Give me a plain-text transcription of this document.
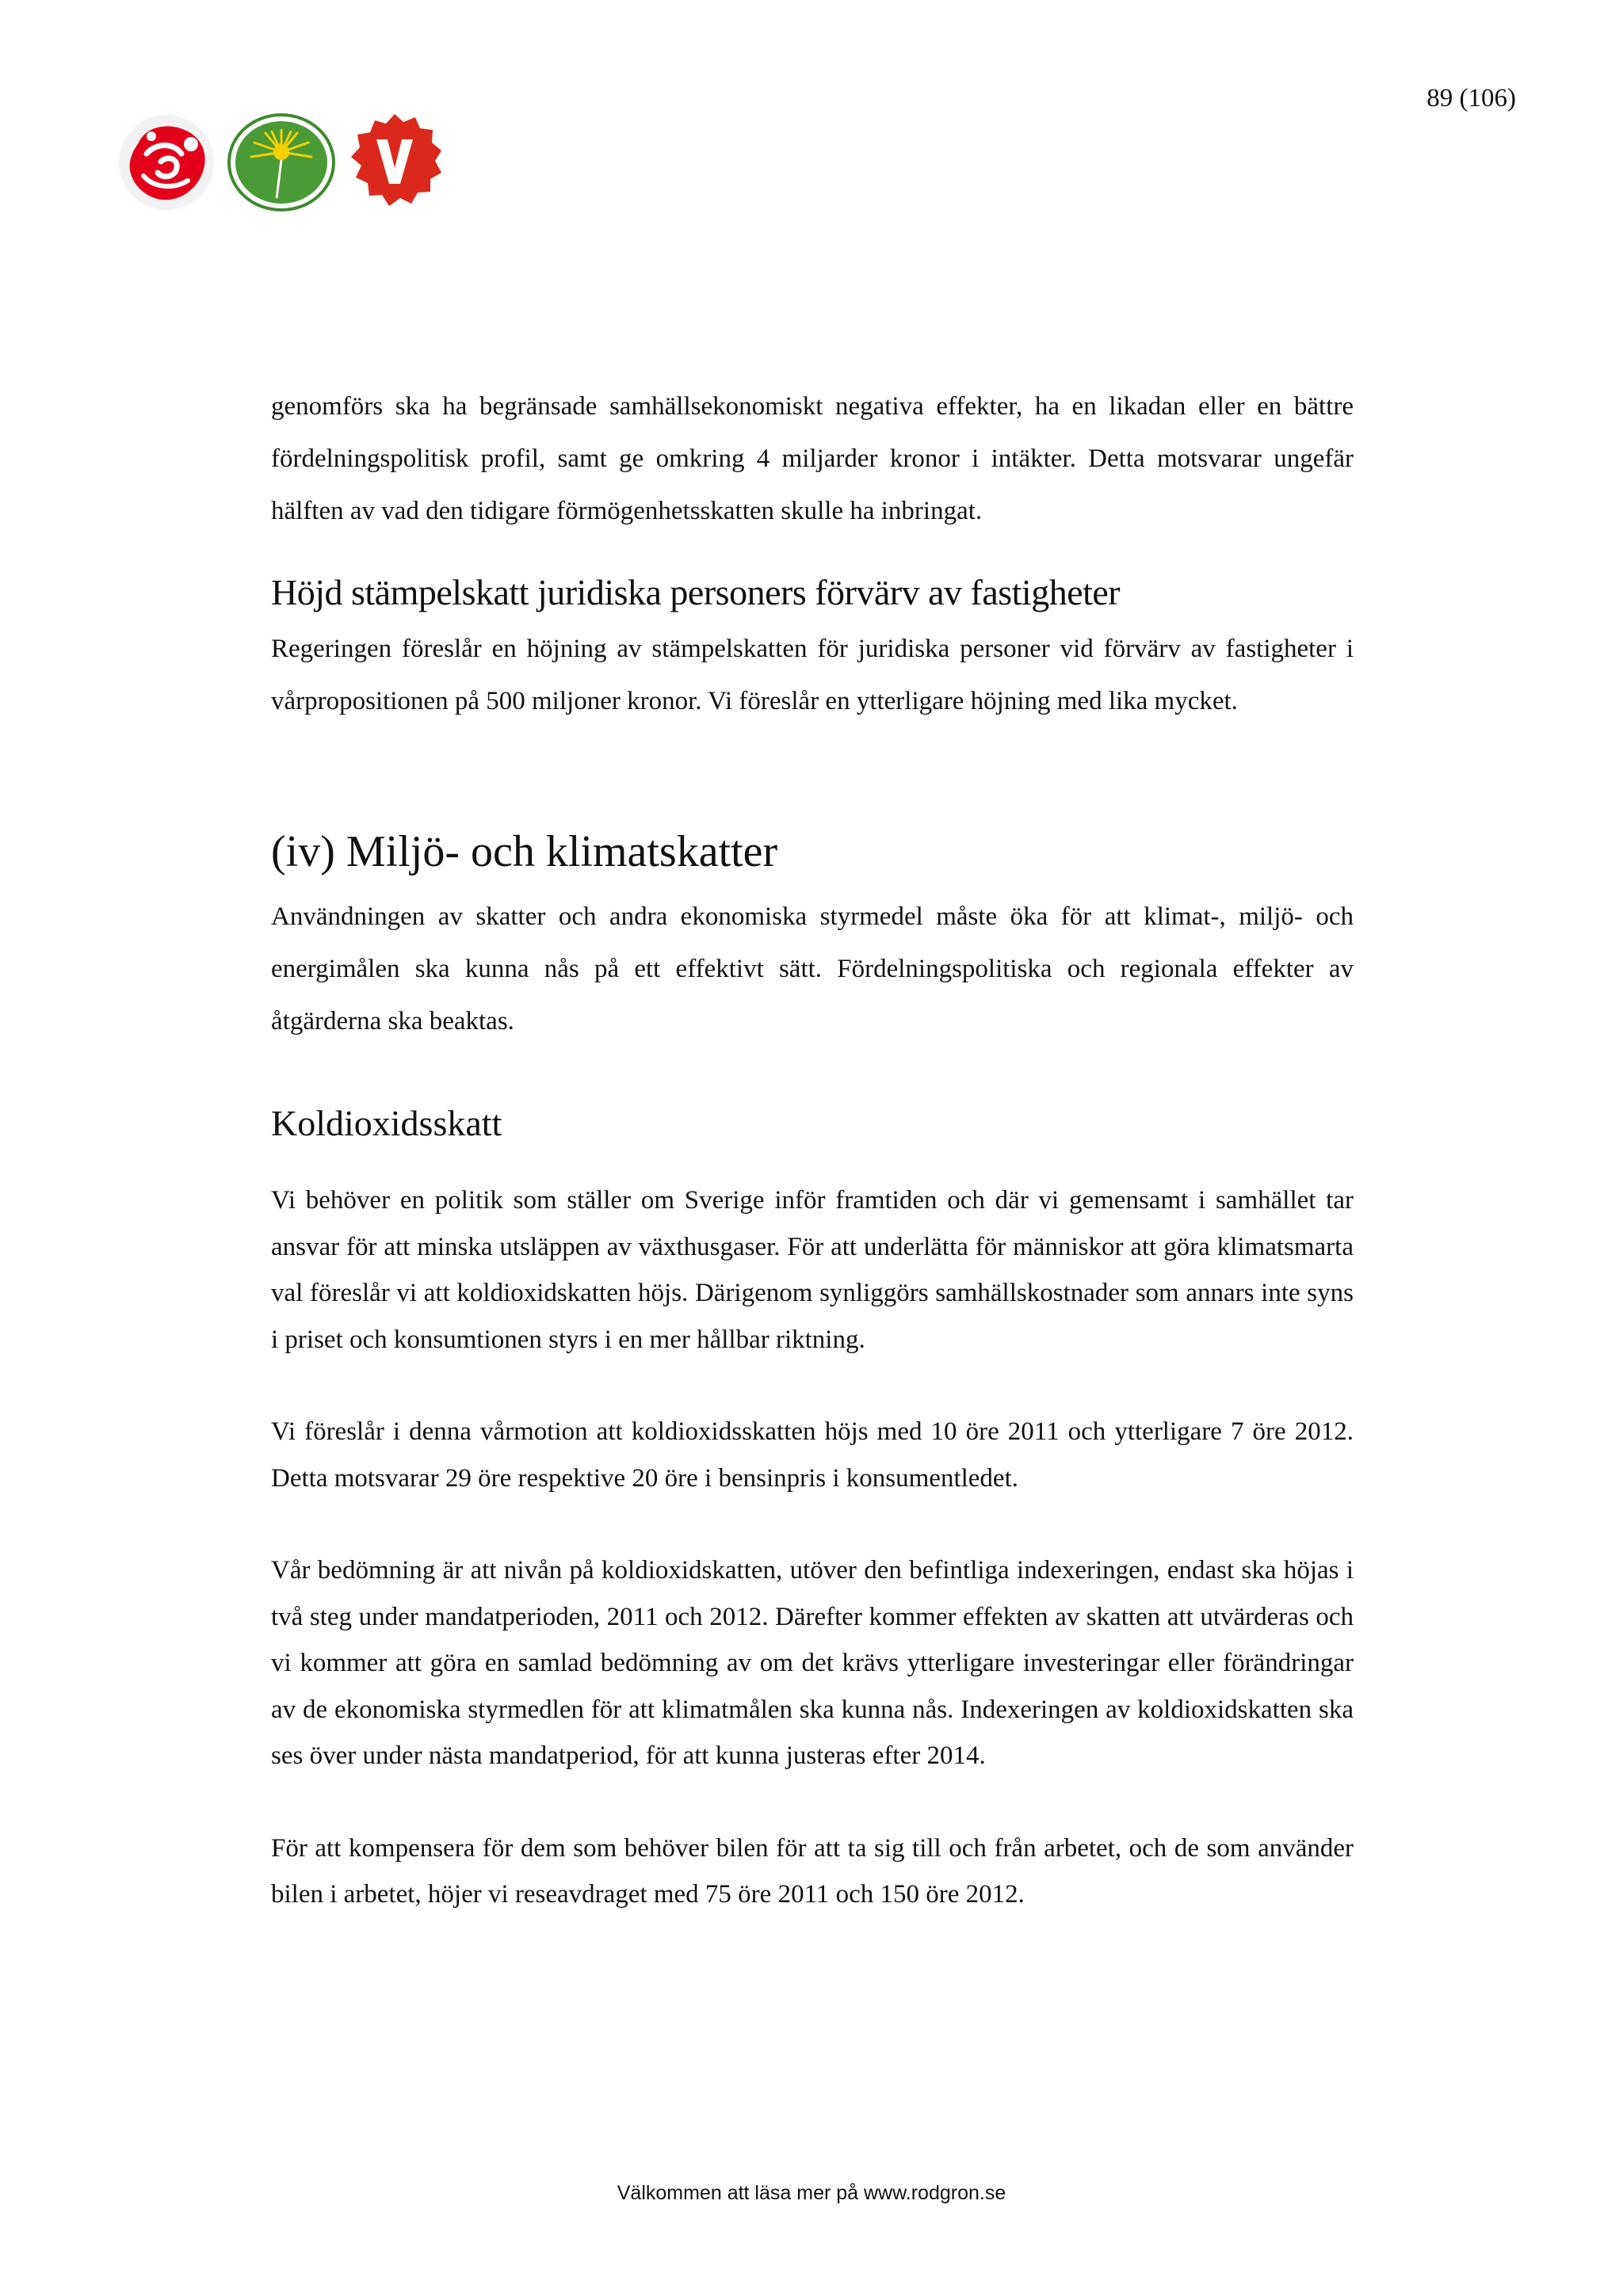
89 (106)

genomförs ska ha begränsade samhällsekonomiskt negativa effekter, ha en likadan eller en bättre fördelningspolitisk profil, samt ge omkring 4 miljarder kronor i intäkter. Detta motsvarar ungefär hälften av vad den tidigare förmögenhetsskatten skulle ha inbringat.

Höjd stämpelskatt juridiska personers förvärv av fastigheter

Regeringen föreslår en höjning av stämpelskatten för juridiska personer vid förvärv av fastigheter i vårpropositionen på 500 miljoner kronor. Vi föreslår en ytterligare höjning med lika mycket.

(iv) Miljö- och klimatskatter

Användningen av skatter och andra ekonomiska styrmedel måste öka för att klimat-, miljö- och energimålen ska kunna nås på ett effektivt sätt. Fördelningspolitiska och regionala effekter av åtgärderna ska beaktas.

Koldioxidsskatt

Vi behöver en politik som ställer om Sverige inför framtiden och där vi gemensamt i samhället tar ansvar för att minska utsläppen av växthusgaser. För att underlätta för människor att göra klimatsmarta val föreslår vi att koldioxidskatten höjs. Därigenom synliggörs samhällskostnader som annars inte syns i priset och konsumtionen styrs i en mer hållbar riktning.

Vi föreslår i denna vårmotion att koldioxidsskatten höjs med 10 öre 2011 och ytterligare 7 öre 2012. Detta motsvarar 29 öre respektive 20 öre i bensinpris i konsumentledet.

Vår bedömning är att nivån på koldioxidskatten, utöver den befintliga indexeringen, endast ska höjas i två steg under mandatperioden, 2011 och 2012. Därefter kommer effekten av skatten att utvärderas och vi kommer att göra en samlad bedömning av om det krävs ytterligare investeringar eller förändringar av de ekonomiska styrmedlen för att klimatmålen ska kunna nås. Indexeringen av koldioxidskatten ska ses över under nästa mandatperiod, för att kunna justeras efter 2014.

För att kompensera för dem som behöver bilen för att ta sig till och från arbetet, och de som använder bilen i arbetet, höjer vi reseavdraget med 75 öre 2011 och 150 öre 2012.

Välkommen att läsa mer på www.rodgron.se
